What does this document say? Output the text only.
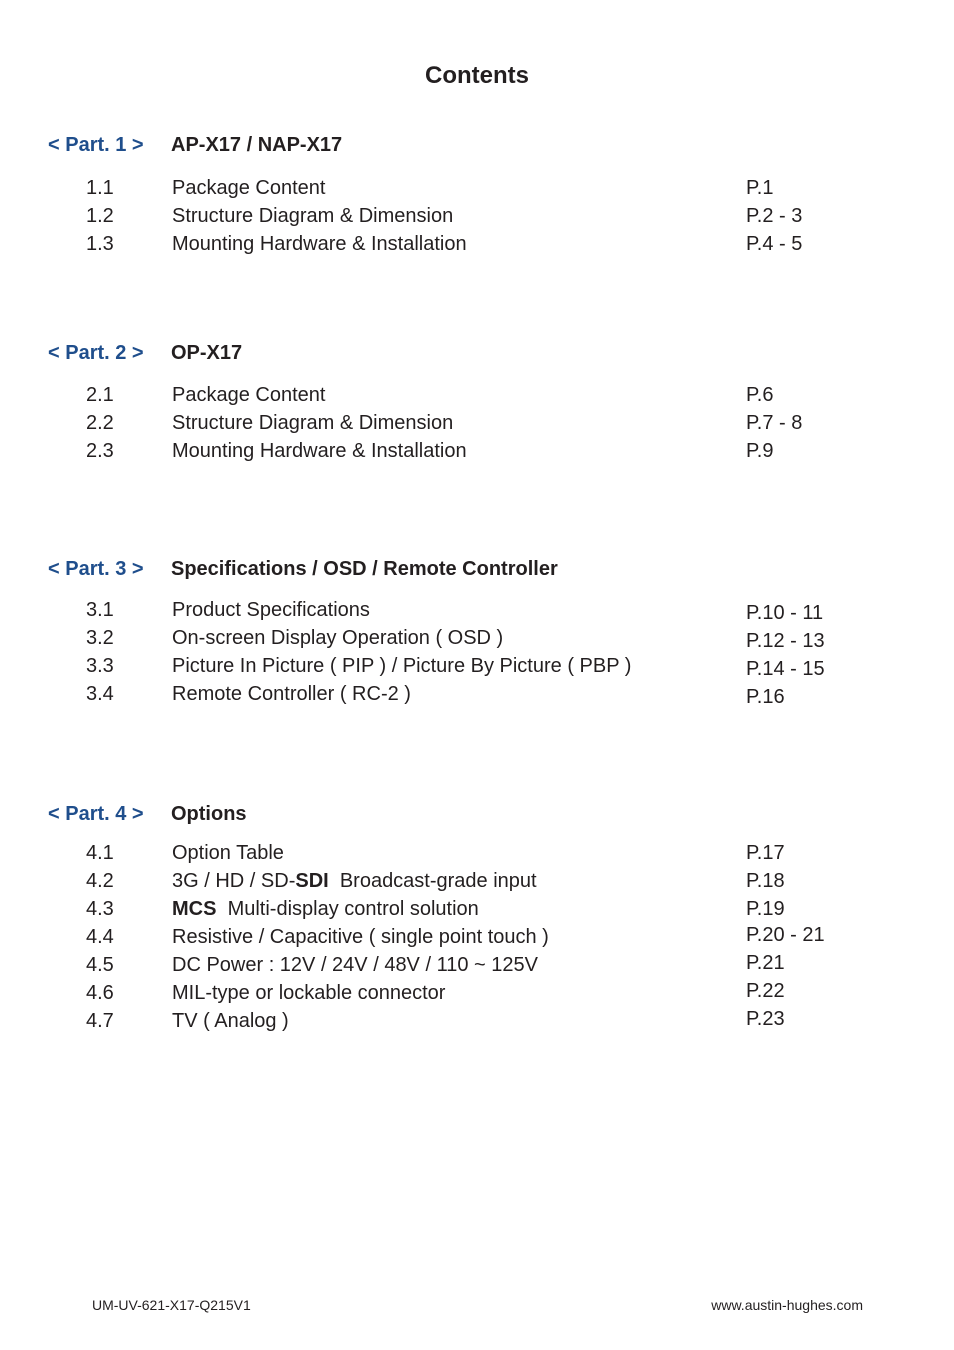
Contents
< Part. 1 > AP-X17 / NAP-X17
1.1	Package Content	P.1
1.2	Structure Diagram & Dimension	P.2 - 3
1.3	Mounting Hardware & Installation	P.4 - 5
< Part. 2 > OP-X17
2.1	Package Content	P.6
2.2	Structure Diagram & Dimension	P.7 - 8
2.3	Mounting Hardware & Installation	P.9
< Part. 3 > Specifications / OSD / Remote Controller
3.1	Product Specifications	P.10 - 11
3.2	On-screen Display Operation ( OSD )	P.12 - 13
3.3	Picture In Picture ( PIP ) / Picture By Picture ( PBP )	P.14 - 15
3.4	Remote Controller ( RC-2 )	P.16
< Part. 4 > Options
4.1	Option Table	P.17
4.2	3G / HD / SD-SDI  Broadcast-grade input	P.18
4.3	MCS  Multi-display control solution	P.19
4.4	Resistive / Capacitive ( single point touch )	P.20 - 21
4.5	DC Power : 12V / 24V / 48V / 110 ~ 125V	P.21
4.6	MIL-type or lockable connector	P.22
4.7	TV ( Analog )	P.23
UM-UV-621-X17-Q215V1	www.austin-hughes.com
